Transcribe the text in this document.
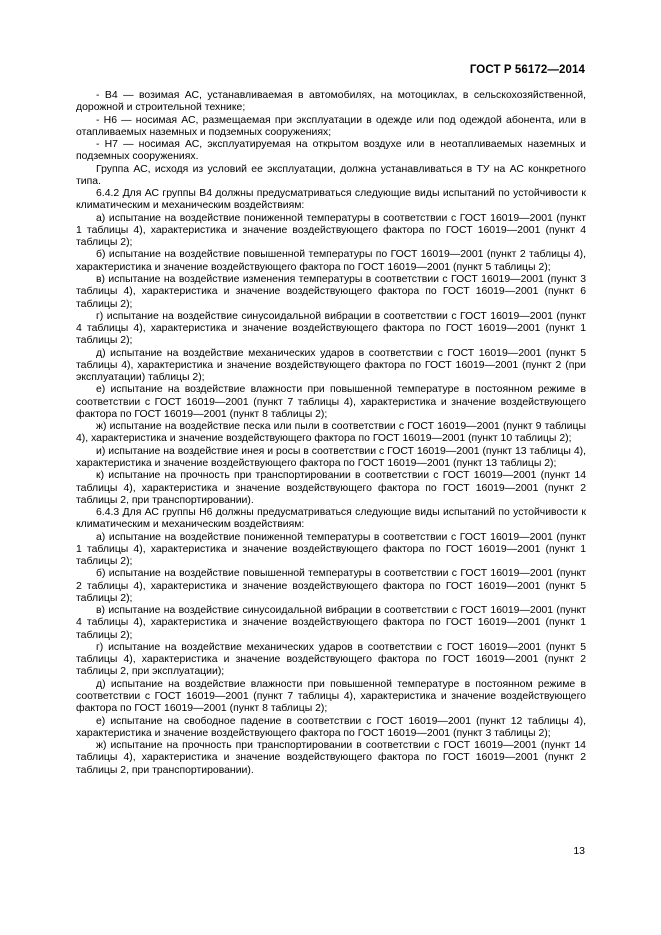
ГОСТ Р 56172—2014

- В4 — возимая АС, устанавливаемая в автомобилях, на мотоциклах, в сельскохозяйственной, дорожной и строительной технике;

- Н6 — носимая АС, размещаемая при эксплуатации в одежде или под одеждой абонента, или в отапливаемых наземных и подземных сооружениях;

- Н7 — носимая АС, эксплуатируемая на открытом воздухе или в неотапливаемых наземных и подземных сооружениях.

Группа АС, исходя из условий ее эксплуатации, должна устанавливаться в ТУ на АС конкретного типа.

6.4.2 Для АС группы В4 должны предусматриваться следующие виды испытаний по устойчивости к климатическим и механическим воздействиям:

а) испытание на воздействие пониженной температуры в соответствии с ГОСТ 16019—2001 (пункт 1 таблицы 4), характеристика и значение воздействующего фактора по ГОСТ 16019—2001 (пункт 4 таблицы 2);

б) испытание на воздействие повышенной температуры по ГОСТ 16019—2001 (пункт 2 таблицы 4), характеристика и значение воздействующего фактора по ГОСТ 16019—2001 (пункт 5 таблицы 2);

в) испытание на воздействие изменения температуры в соответствии с ГОСТ 16019—2001 (пункт 3 таблицы 4), характеристика и значение воздействующего фактора по ГОСТ 16019—2001 (пункт 6 таблицы 2);

г) испытание на воздействие синусоидальной вибрации в соответствии с ГОСТ 16019—2001 (пункт 4 таблицы 4), характеристика и значение воздействующего фактора по ГОСТ 16019—2001 (пункт 1 таблицы 2);

д) испытание на воздействие механических ударов в соответствии с ГОСТ 16019—2001 (пункт 5 таблицы 4), характеристика и значение воздействующего фактора по ГОСТ 16019—2001 (пункт 2 (при эксплуатации) таблицы 2);

е) испытание на воздействие влажности при повышенной температуре в постоянном режиме в соответствии с ГОСТ 16019—2001 (пункт 7 таблицы 4), характеристика и значение воздействующего фактора по ГОСТ 16019—2001 (пункт 8 таблицы 2);

ж) испытание на воздействие песка или пыли в соответствии с ГОСТ 16019—2001 (пункт 9 таблицы 4), характеристика и значение воздействующего фактора по ГОСТ 16019—2001 (пункт 10 таблицы 2);

и) испытание на воздействие инея и росы в соответствии с ГОСТ 16019—2001 (пункт 13 таблицы 4), характеристика и значение воздействующего фактора по ГОСТ 16019—2001 (пункт 13 таблицы 2);

к) испытание на прочность при транспортировании в соответствии с ГОСТ 16019—2001 (пункт 14 таблицы 4), характеристика и значение воздействующего фактора по ГОСТ 16019—2001 (пункт 2 таблицы 2, при транспортировании).

6.4.3 Для АС группы Н6 должны предусматриваться следующие виды испытаний по устойчивости к климатическим и механическим воздействиям:

а) испытание на воздействие пониженной температуры в соответствии с ГОСТ 16019—2001 (пункт 1 таблицы 4), характеристика и значение воздействующего фактора по ГОСТ 16019—2001 (пункт 1 таблицы 2);

б) испытание на воздействие повышенной температуры в соответствии с ГОСТ 16019—2001 (пункт 2 таблицы 4), характеристика и значение воздействующего фактора по ГОСТ 16019—2001 (пункт 5 таблицы 2);

в) испытание на воздействие синусоидальной вибрации в соответствии с ГОСТ 16019—2001 (пункт 4 таблицы 4), характеристика и значение воздействующего фактора по ГОСТ 16019—2001 (пункт 1 таблицы 2);

г) испытание на воздействие механических ударов в соответствии с ГОСТ 16019—2001 (пункт 5 таблицы 4), характеристика и значение воздействующего фактора по ГОСТ 16019—2001 (пункт 2 таблицы 2, при эксплуатации);

д) испытание на воздействие влажности при повышенной температуре в постоянном режиме в соответствии с ГОСТ 16019—2001 (пункт 7 таблицы 4), характеристика и значение воздействующего фактора по ГОСТ 16019—2001 (пункт 8 таблицы 2);

е) испытание на свободное падение в соответствии с ГОСТ 16019—2001 (пункт 12 таблицы 4), характеристика и значение воздействующего фактора по ГОСТ 16019—2001 (пункт 3 таблицы 2);

ж) испытание на прочность при транспортировании в соответствии с ГОСТ 16019—2001 (пункт 14 таблицы 4), характеристика и значение воздействующего фактора по ГОСТ 16019—2001 (пункт 2 таблицы 2, при транспортировании).

13
